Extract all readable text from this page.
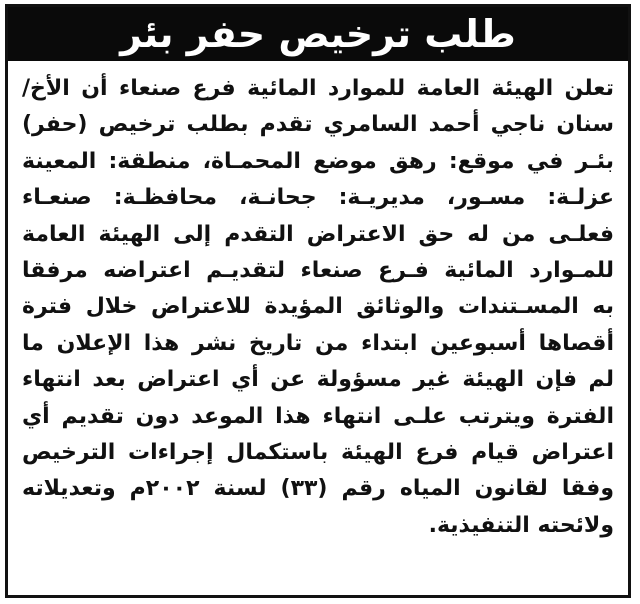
طلب ترخيص حفر بئر
تعلن الهيئة العامة للموارد المائية فرع صنعاء أن الأخ/
سنان ناجي أحمد السامري تقدم بطلب ترخيص (حفر)
بئـر في موقع: رهق موضع المحمـاة، منطقة: المعينة
عزلـة: مسـور، مديريـة: جحانـة، محافظـة: صنعـاء
فعلـى من له حق الاعتراض التقدم إلى الهيئة العامة
للمـوارد المائية فـرع صنعاء لتقديـم اعتراضه مرفقا
به المسـتندات والوثائق المؤيدة للاعتراض خلال فترة
أقصاها أسبوعين ابتداء من تاريخ نشر هذا الإعلان ما
لم فإن الهيئة غير مسؤولة عن أي اعتراض بعد انتهاء
الفترة ويترتب علـى انتهاء هذا الموعد دون تقديم أي
اعتراض قيام فرع الهيئة باستكمال إجراءات الترخيص
وفقا لقانون المياه رقم (٣٣) لسنة ٢٠٠٢م وتعديلاته
ولائحته التنفيذية.
